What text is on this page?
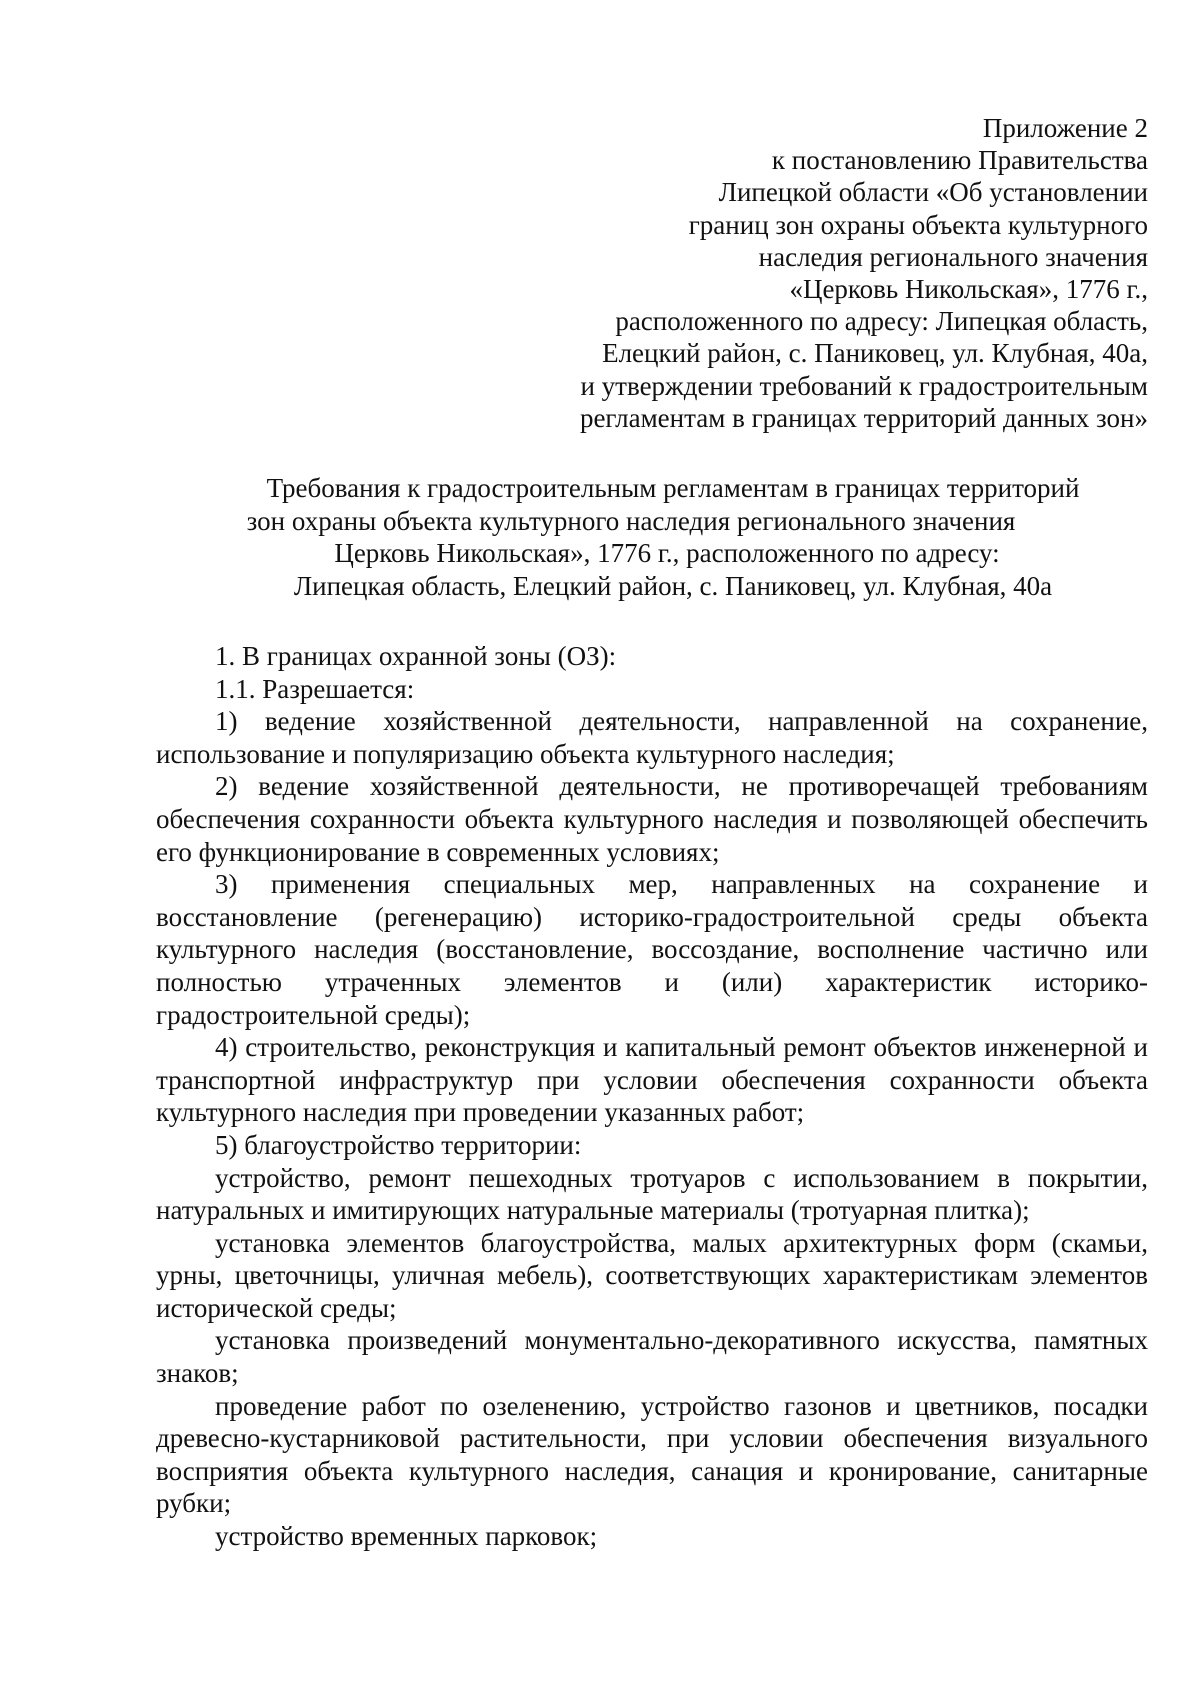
Приложение 2
к постановлению Правительства
Липецкой области «Об установлении
границ зон охраны объекта культурного
наследия регионального значения
«Церковь Никольская», 1776 г.,
расположенного по адресу: Липецкая область,
Елецкий район, с. Паниковец, ул. Клубная, 40а,
и утверждении требований к градостроительным
регламентам в границах территорий данных зон»
Требования к градостроительным регламентам в границах территорий
зон охраны объекта культурного наследия регионального значения
Церковь Никольская», 1776 г., расположенного по адресу:
Липецкая область, Елецкий район, с. Паниковец, ул. Клубная, 40а

1. В границах охранной зоны (ОЗ):

1.1. Разрешается:

1) ведение хозяйственной деятельности, направленной на сохранение, использование и популяризацию объекта культурного наследия;

2) ведение хозяйственной деятельности, не противоречащей требованиям обеспечения сохранности объекта культурного наследия и позволяющей обеспечить его функционирование в современных условиях;

3) применения специальных мер, направленных на сохранение и восстановление (регенерацию) историко-градостроительной среды объекта культурного наследия (восстановление, воссоздание, восполнение частично или полностью утраченных элементов и (или) характеристик историко-градостроительной среды);

4) строительство, реконструкция и капитальный ремонт объектов инженерной и транспортной инфраструктур при условии обеспечения сохранности объекта культурного наследия при проведении указанных работ;

5) благоустройство территории:

устройство, ремонт пешеходных тротуаров с использованием в покрытии, натуральных и имитирующих натуральные материалы (тротуарная плитка);

установка элементов благоустройства, малых архитектурных форм (скамьи, урны, цветочницы, уличная мебель), соответствующих характеристикам элементов исторической среды;

установка произведений монументально-декоративного искусства, памятных знаков;

проведение работ по озеленению, устройство газонов и цветников, посадки древесно-кустарниковой растительности, при условии обеспечения визуального восприятия объекта культурного наследия, санация и кронирование, санитарные рубки;

устройство временных парковок;
